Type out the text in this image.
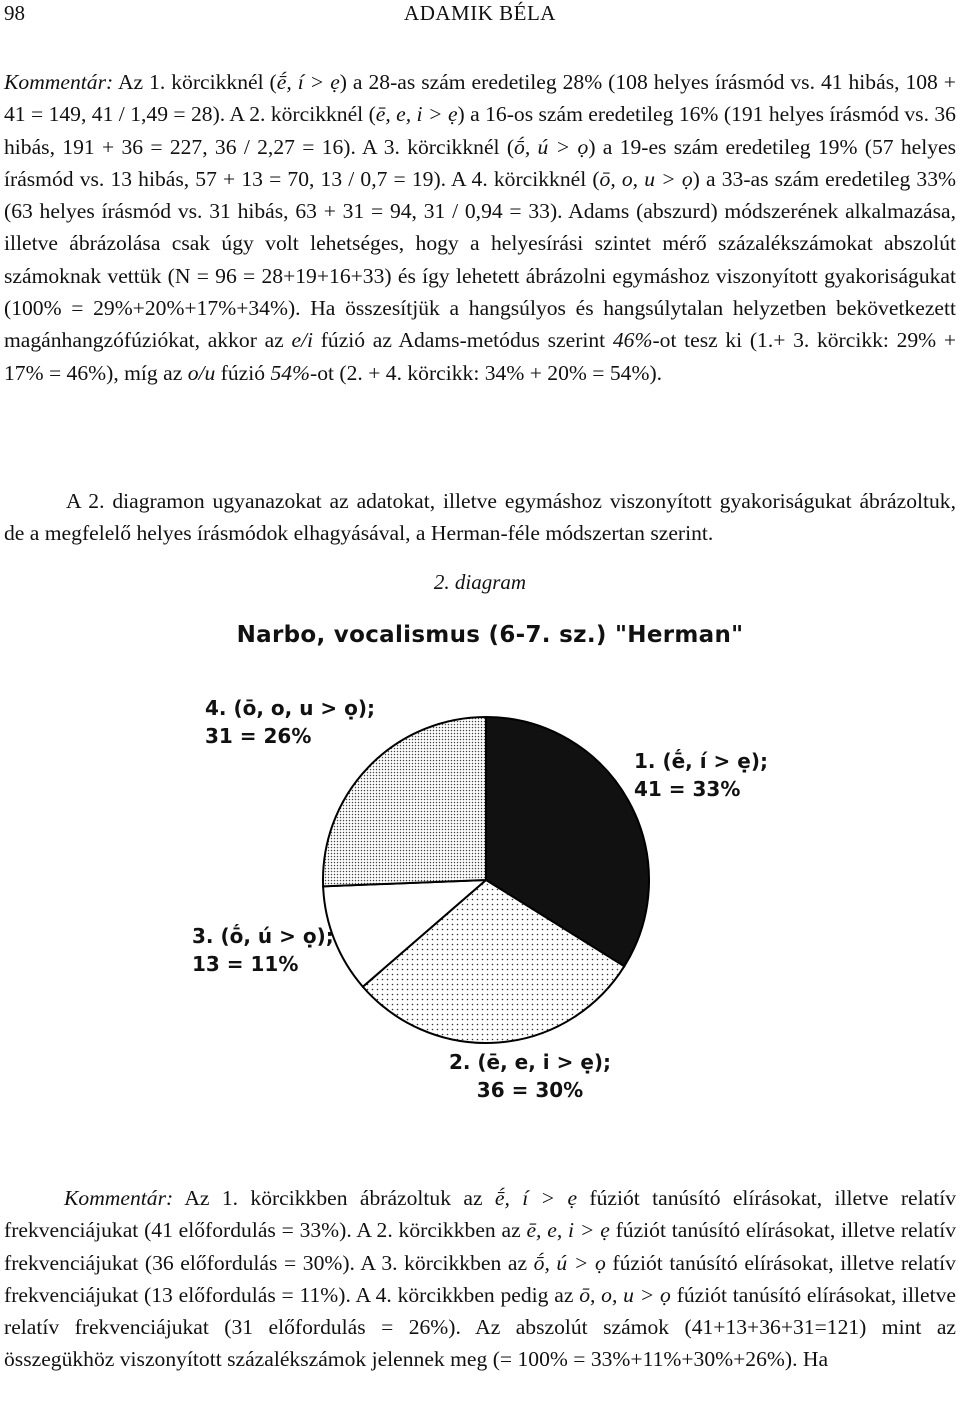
98	ADAMIK BÉLA

Kommentár: Az 1. körcikknél (ḗ, í > ẹ) a 28-as szám eredetileg 28% (108 helyes írásmód vs. 41 hibás, 108 + 41 = 149, 41 / 1,49 = 28). A 2. körcikknél (ē, e, i > ẹ) a 16-os szám eredetileg 16% (191 helyes írásmód vs. 36 hibás, 191 + 36 = 227, 36 / 2,27 = 16). A 3. körcikknél (ṓ, ú > ọ) a 19-es szám eredetileg 19% (57 helyes írásmód vs. 13 hibás, 57 + 13 = 70, 13 / 0,7 = 19). A 4. körcikknél (ō, o, u > ọ) a 33-as szám eredetileg 33% (63 helyes írásmód vs. 31 hibás, 63 + 31 = 94, 31 / 0,94 = 33). Adams (abszurd) módszerének alkalmazása, illetve ábrázolása csak úgy volt lehetséges, hogy a helyesírási szintet mérő százalékszámokat abszolút számoknak vettük (N = 96 = 28+19+16+33) és így lehetett ábrázolni egymáshoz viszonyított gyakoriságukat (100% = 29%+20%+17%+34%). Ha összesítjük a hangsúlyos és hangsúlytalan helyzetben bekövetkezett magánhangzófúziókat, akkor az e/i fúzió az Adams-metódus szerint 46%-ot tesz ki (1.+ 3. körcikk: 29% + 17% = 46%), míg az o/u fúzió 54%-ot (2. + 4. körcikk: 34% + 20% = 54%).

A 2. diagramon ugyanazokat az adatokat, illetve egymáshoz viszonyított gyakoriságukat ábrázoltuk, de a megfelelő helyes írásmódok elhagyásával, a Herman-féle módszertan szerint.

2. diagram
Narbo, vocalismus (6-7. sz.) "Herman"
1. (ḗ, í > ẹ);
41 = 33%
2. (ē, e, i > ẹ);
36 = 30%
3. (ṓ, ú > ọ);
13 = 11%
4. (ō, o, u > ọ);
31 = 26%

Kommentár: Az 1. körcikkben ábrázoltuk az ḗ, í > ẹ fúziót tanúsító elírásokat, illetve relatív frekvenciájukat (41 előfordulás = 33%). A 2. körcikkben az ē, e, i > ẹ fúziót tanúsító elírásokat, illetve relatív frekvenciájukat (36 előfordulás = 30%). A 3. körcikkben az ṓ, ú > ọ fúziót tanúsító elírásokat, illetve relatív frekvenciájukat (13 előfordulás = 11%). A 4. körcikkben pedig az ō, o, u > ọ fúziót tanúsító elírásokat, illetve relatív frekvenciájukat (31 előfordulás = 26%). Az abszolút számok (41+13+36+31=121) mint az összegükhöz viszonyított százalékszámok jelennek meg (= 100% = 33%+11%+30%+26%). Ha
